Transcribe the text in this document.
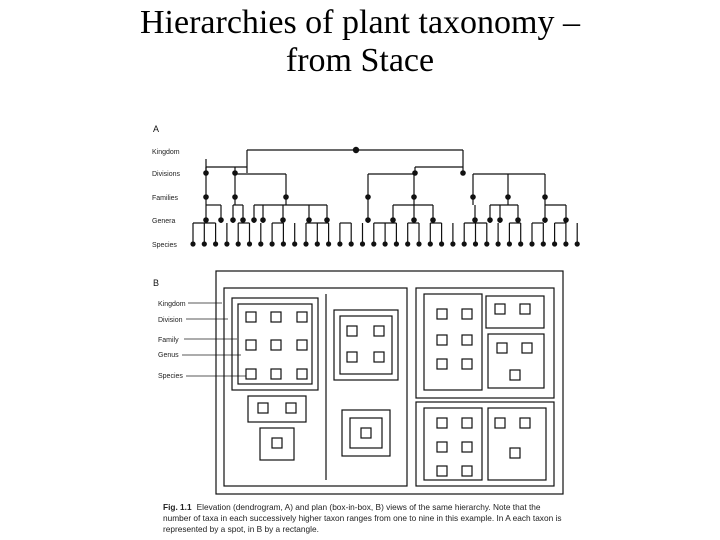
Hierarchies of plant taxonomy –
from Stace
A
Kingdom
Divisions
Families
Genera
Species
B
Kingdom
Division
Family
Genus
Species
Fig. 1.1 Elevation (dendrogram, A) and plan (box-in-box, B) views of the same hierarchy. Note that the number of taxa in each successively higher taxon ranges from one to nine in this example. In A each taxon is represented by a spot, in B by a rectangle.
